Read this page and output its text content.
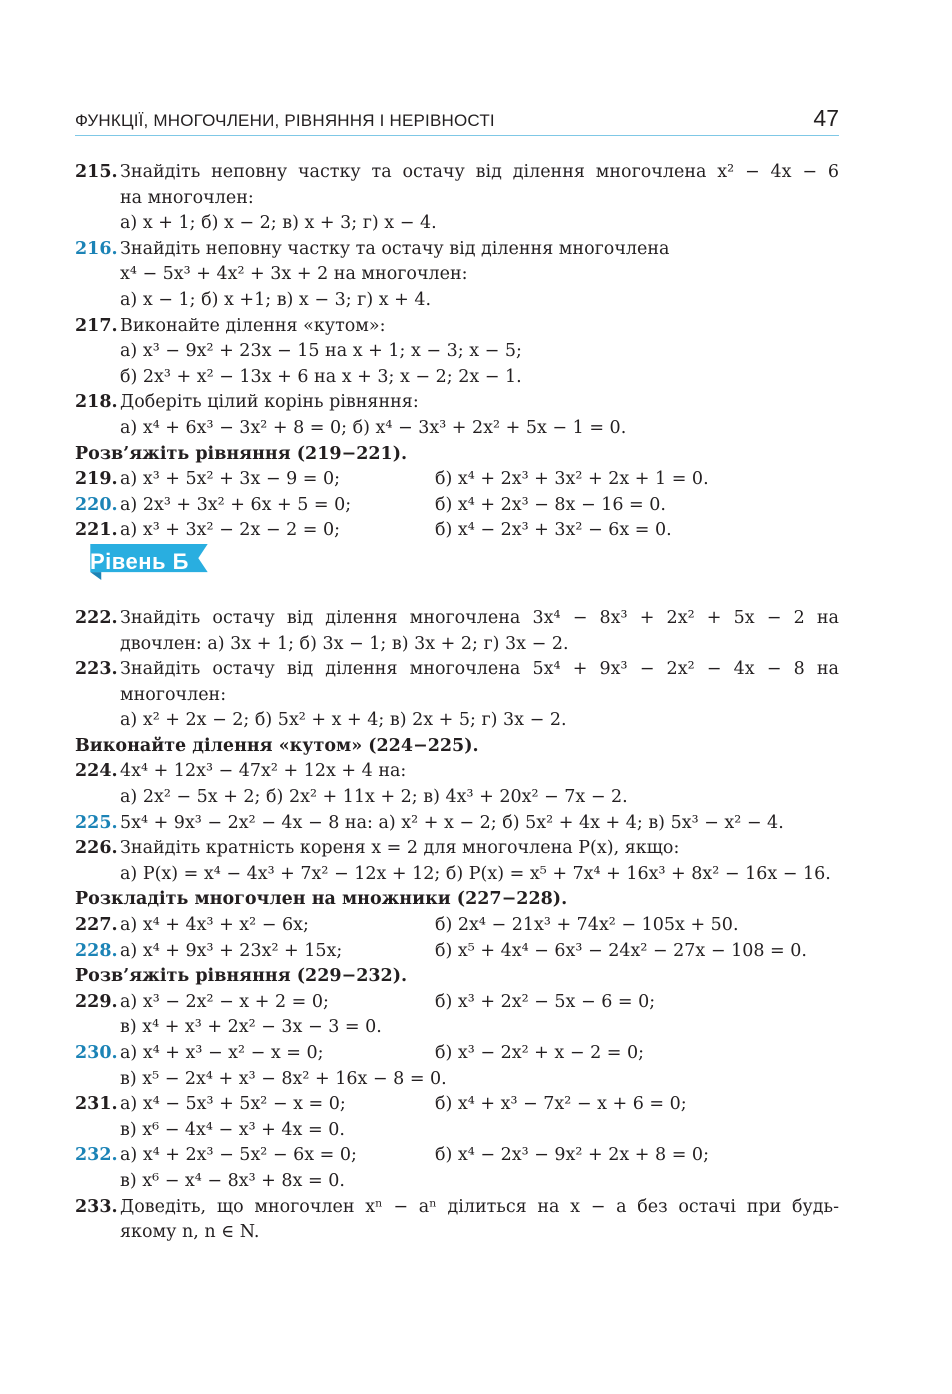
ФУНКЦІЇ, МНОГОЧЛЕНИ, РІВНЯННЯ І НЕРІВНОСТІ	47
215. Знайдіть неповну частку та остачу від ділення многочлена x² − 4x − 6
на многочлен:
а) x + 1; б) x − 2; в) x + 3; г) x − 4.
216. Знайдіть неповну частку та остачу від ділення многочлена
x⁴ − 5x³ + 4x² + 3x + 2 на многочлен:
а) x − 1; б) x +1; в) x − 3; г) x + 4.
217. Виконайте ділення «кутом»:
а) x³ − 9x² + 23x − 15 на x + 1; x − 3; x − 5;
б) 2x³ + x² − 13x + 6 на x + 3; x − 2; 2x − 1.
218. Доберіть цілий корінь рівняння:
а) x⁴ + 6x³ − 3x² + 8 = 0; б) x⁴ − 3x³ + 2x² + 5x − 1 = 0.
Розв’яжіть рівняння (219−221).
219. а) x³ + 5x² + 3x − 9 = 0;	б) x⁴ + 2x³ + 3x² + 2x + 1 = 0.
220. а) 2x³ + 3x² + 6x + 5 = 0;	б) x⁴ + 2x³ − 8x − 16 = 0.
221. а) x³ + 3x² − 2x − 2 = 0;	б) x⁴ − 2x³ + 3x² − 6x = 0.
Рівень Б
222. Знайдіть остачу від ділення многочлена 3x⁴ − 8x³ + 2x² + 5x − 2 на
двочлен: а) 3x + 1; б) 3x − 1; в) 3x + 2; г) 3x − 2.
223. Знайдіть остачу від ділення многочлена 5x⁴ + 9x³ − 2x² − 4x − 8 на
многочлен:
а) x² + 2x − 2; б) 5x² + x + 4; в) 2x + 5; г) 3x − 2.
Виконайте ділення «кутом» (224−225).
224. 4x⁴ + 12x³ − 47x² + 12x + 4 на:
а) 2x² − 5x + 2; б) 2x² + 11x + 2; в) 4x³ + 20x² − 7x − 2.
225. 5x⁴ + 9x³ − 2x² − 4x − 8 на: а) x² + x − 2; б) 5x² + 4x + 4; в) 5x³ − x² − 4.
226. Знайдіть кратність кореня x = 2 для многочлена P(x), якщо:
а) P(x) = x⁴ − 4x³ + 7x² − 12x + 12; б) P(x) = x⁵ + 7x⁴ + 16x³ + 8x² − 16x − 16.
Розкладіть многочлен на множники (227−228).
227. а) x⁴ + 4x³ + x² − 6x;	б) 2x⁴ − 21x³ + 74x² − 105x + 50.
228. а) x⁴ + 9x³ + 23x² + 15x;	б) x⁵ + 4x⁴ − 6x³ − 24x² − 27x − 108 = 0.
Розв’яжіть рівняння (229−232).
229. а) x³ − 2x² − x + 2 = 0;	б) x³ + 2x² − 5x − 6 = 0;
в) x⁴ + x³ + 2x² − 3x − 3 = 0.
230. а) x⁴ + x³ − x² − x = 0;	б) x³ − 2x² + x − 2 = 0;
в) x⁵ − 2x⁴ + x³ − 8x² + 16x − 8 = 0.
231. а) x⁴ − 5x³ + 5x² − x = 0;	б) x⁴ + x³ − 7x² − x + 6 = 0;
в) x⁶ − 4x⁴ − x³ + 4x = 0.
232. а) x⁴ + 2x³ − 5x² − 6x = 0;	б) x⁴ − 2x³ − 9x² + 2x + 8 = 0;
в) x⁶ − x⁴ − 8x³ + 8x = 0.
233. Доведіть, що многочлен xⁿ − aⁿ ділиться на x − a без остачі при будь-
якому n, n ∈ N.
